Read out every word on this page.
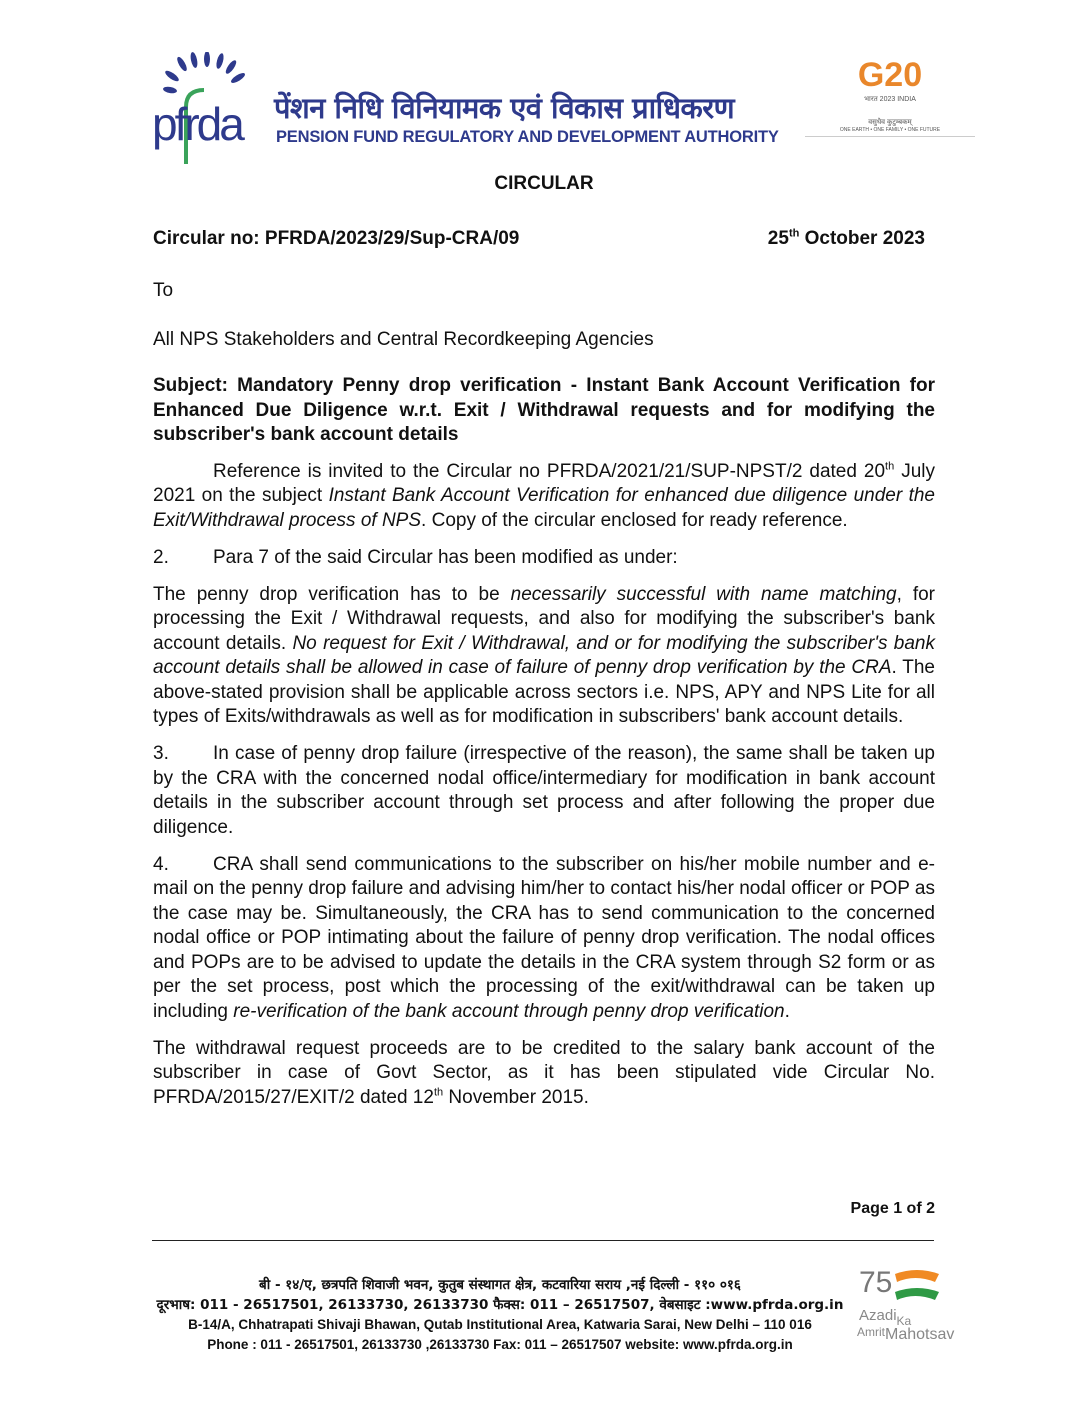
pfrda पेंशन निधि विनियामक एवं विकास प्राधिकरण
PENSION FUND REGULATORY AND DEVELOPMENT AUTHORITY
G20
भारत 2023 INDIA
वसुधैव कुटुम्बकम्
ONE EARTH • ONE FAMILY • ONE FUTURE
CIRCULAR
Circular no: PFRDA/2023/29/Sup-CRA/09	25th October 2023

To

All NPS Stakeholders and Central Recordkeeping Agencies

Subject: Mandatory Penny drop verification - Instant Bank Account Verification for Enhanced Due Diligence w.r.t. Exit / Withdrawal requests and for modifying the subscriber's bank account details

Reference is invited to the Circular no PFRDA/2021/21/SUP-NPST/2 dated 20th July 2021 on the subject Instant Bank Account Verification for enhanced due diligence under the Exit/Withdrawal process of NPS. Copy of the circular enclosed for ready reference.

2. Para 7 of the said Circular has been modified as under:

The penny drop verification has to be necessarily successful with name matching, for processing the Exit / Withdrawal requests, and also for modifying the subscriber's bank account details. No request for Exit / Withdrawal, and or for modifying the subscriber's bank account details shall be allowed in case of failure of penny drop verification by the CRA. The above-stated provision shall be applicable across sectors i.e. NPS, APY and NPS Lite for all types of Exits/withdrawals as well as for modification in subscribers' bank account details.

3. In case of penny drop failure (irrespective of the reason), the same shall be taken up by the CRA with the concerned nodal office/intermediary for modification in bank account details in the subscriber account through set process and after following the proper due diligence.

4. CRA shall send communications to the subscriber on his/her mobile number and e-mail on the penny drop failure and advising him/her to contact his/her nodal officer or POP as the case may be. Simultaneously, the CRA has to send communication to the concerned nodal office or POP intimating about the failure of penny drop verification. The nodal offices and POPs are to be advised to update the details in the CRA system through S2 form or as per the set process, post which the processing of the exit/withdrawal can be taken up including re-verification of the bank account through penny drop verification.

The withdrawal request proceeds are to be credited to the salary bank account of the subscriber in case of Govt Sector, as it has been stipulated vide Circular No. PFRDA/2015/27/EXIT/2 dated 12th November 2015.

Page 1 of 2
बी - १४/ए, छत्रपति शिवाजी भवन, कुतुब संस्थागत क्षेत्र, कटवारिया सराय ,नई दिल्ली - ११० ०१६
दूरभाष: 011 - 26517501, 26133730, 26133730 फैक्स: 011 – 26517507, वेबसाइट :www.pfrda.org.in
B-14/A, Chhatrapati Shivaji Bhawan, Qutab Institutional Area, Katwaria Sarai, New Delhi – 110 016
Phone : 011 - 26517501, 26133730 ,26133730 Fax: 011 – 26517507 website: www.pfrda.org.in
75
Azadi$_{Ka}$
AmritMahotsav
